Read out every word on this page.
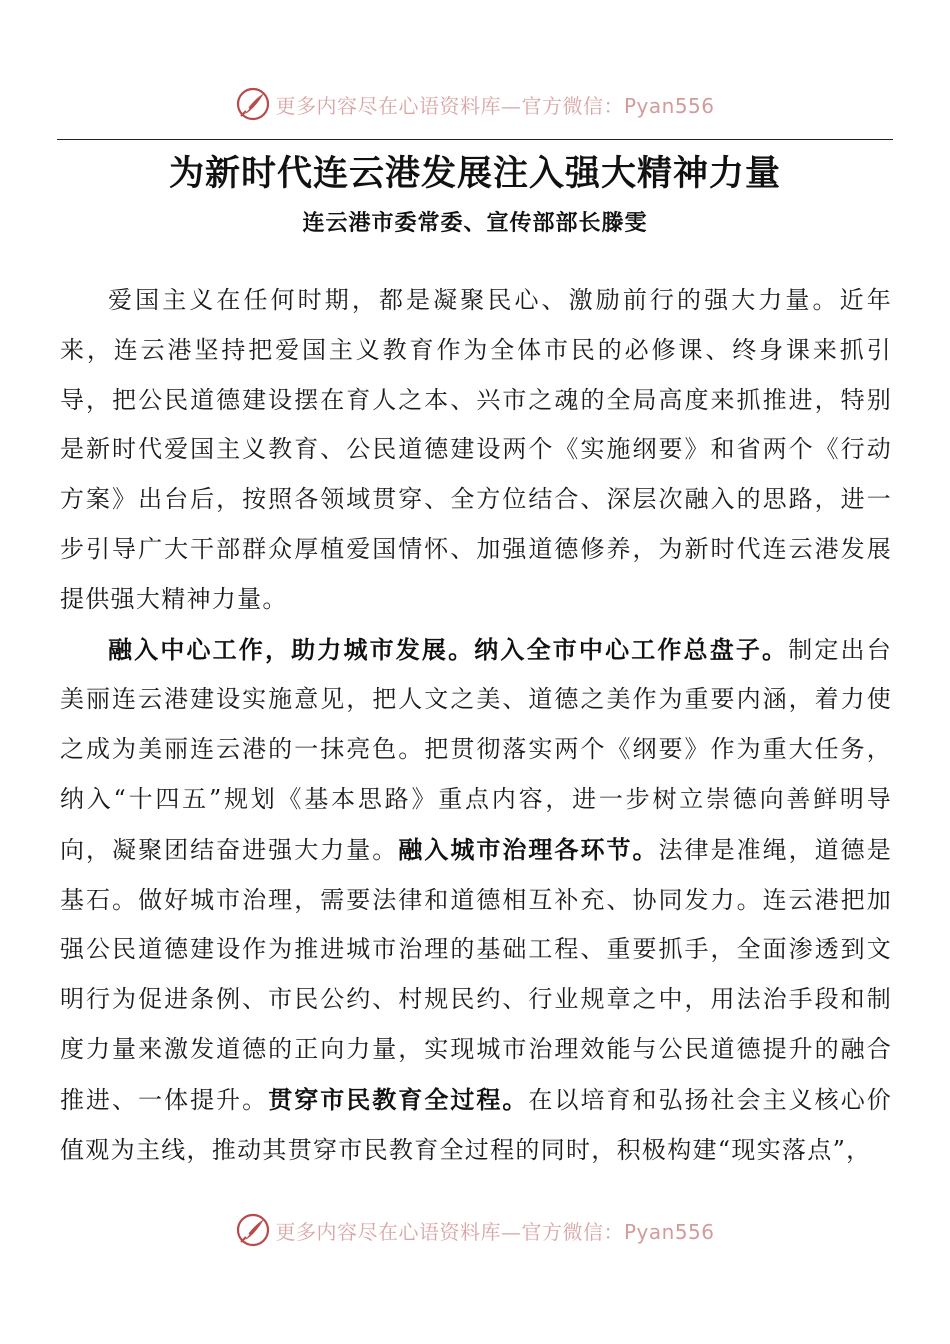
更多内容尽在心语资料库—官方微信：Pyan556
为新时代连云港发展注入强大精神力量
连云港市委常委、宣传部部长滕雯

爱国主义在任何时期，都是凝聚民心、激励前行的强大力量。近年来，连云港坚持把爱国主义教育作为全体市民的必修课、终身课来抓引导，把公民道德建设摆在育人之本、兴市之魂的全局高度来抓推进，特别是新时代爱国主义教育、公民道德建设两个《实施纲要》和省两个《行动方案》出台后，按照各领域贯穿、全方位结合、深层次融入的思路，进一步引导广大干部群众厚植爱国情怀、加强道德修养，为新时代连云港发展提供强大精神力量。

融入中心工作，助力城市发展。纳入全市中心工作总盘子。制定出台美丽连云港建设实施意见，把人文之美、道德之美作为重要内涵，着力使之成为美丽连云港的一抹亮色。把贯彻落实两个《纲要》作为重大任务，纳入“十四五”规划《基本思路》重点内容，进一步树立崇德向善鲜明导向，凝聚团结奋进强大力量。融入城市治理各环节。法律是准绳，道德是基石。做好城市治理，需要法律和道德相互补充、协同发力。连云港把加强公民道德建设作为推进城市治理的基础工程、重要抓手，全面渗透到文明行为促进条例、市民公约、村规民约、行业规章之中，用法治手段和制度力量来激发道德的正向力量，实现城市治理效能与公民道德提升的融合推进、一体提升。贯穿市民教育全过程。在以培育和弘扬社会主义核心价值观为主线，推动其贯穿市民教育全过程的同时，积极构建“现实落点”，

更多内容尽在心语资料库—官方微信：Pyan556
